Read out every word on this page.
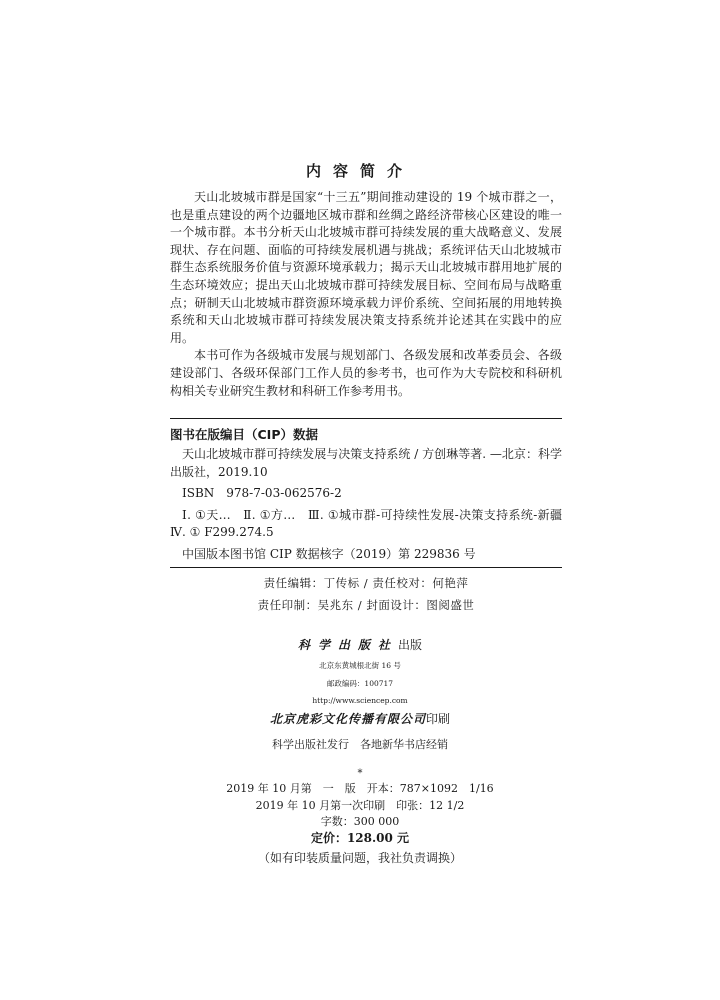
内容简介

天山北坡城市群是国家“十三五”期间推动建设的 19 个城市群之一，也是重点建设的两个边疆地区城市群和丝绸之路经济带核心区建设的唯一一个城市群。本书分析天山北坡城市群可持续发展的重大战略意义、发展现状、存在问题、面临的可持续发展机遇与挑战；系统评估天山北坡城市群生态系统服务价值与资源环境承载力；揭示天山北坡城市群用地扩展的生态环境效应；提出天山北坡城市群可持续发展目标、空间布局与战略重点；研制天山北坡城市群资源环境承载力评价系统、空间拓展的用地转换系统和天山北坡城市群可持续发展决策支持系统并论述其在实践中的应用。

本书可作为各级城市发展与规划部门、各级发展和改革委员会、各级建设部门、各级环保部门工作人员的参考书，也可作为大专院校和科研机构相关专业研究生教材和科研工作参考用书。

图书在版编目（CIP）数据
天山北坡城市群可持续发展与决策支持系统 / 方创琳等著. —北京：科学出版社，2019.10
ISBN　978-7-03-062576-2
Ⅰ. ①天…　Ⅱ. ①方…　Ⅲ. ①城市群-可持续性发展-决策支持系统-新疆　Ⅳ. ① F299.274.5
中国版本图书馆 CIP 数据核字（2019）第 229836 号
责任编辑：丁传标 / 责任校对：何艳萍
责任印制：吴兆东 / 封面设计：图阅盛世
科学出版社出版
北京东黄城根北街 16 号
邮政编码：100717
http://www.sciencep.com
北京虎彩文化传播有限公司印刷
科学出版社发行　各地新华书店经销
*
2019 年 10 月第　一　版　开本：787×1092　1/16
2019 年 10 月第一次印刷　印张：12 1/2
字数：300 000
定价：128.00 元
（如有印装质量问题，我社负责调换）
